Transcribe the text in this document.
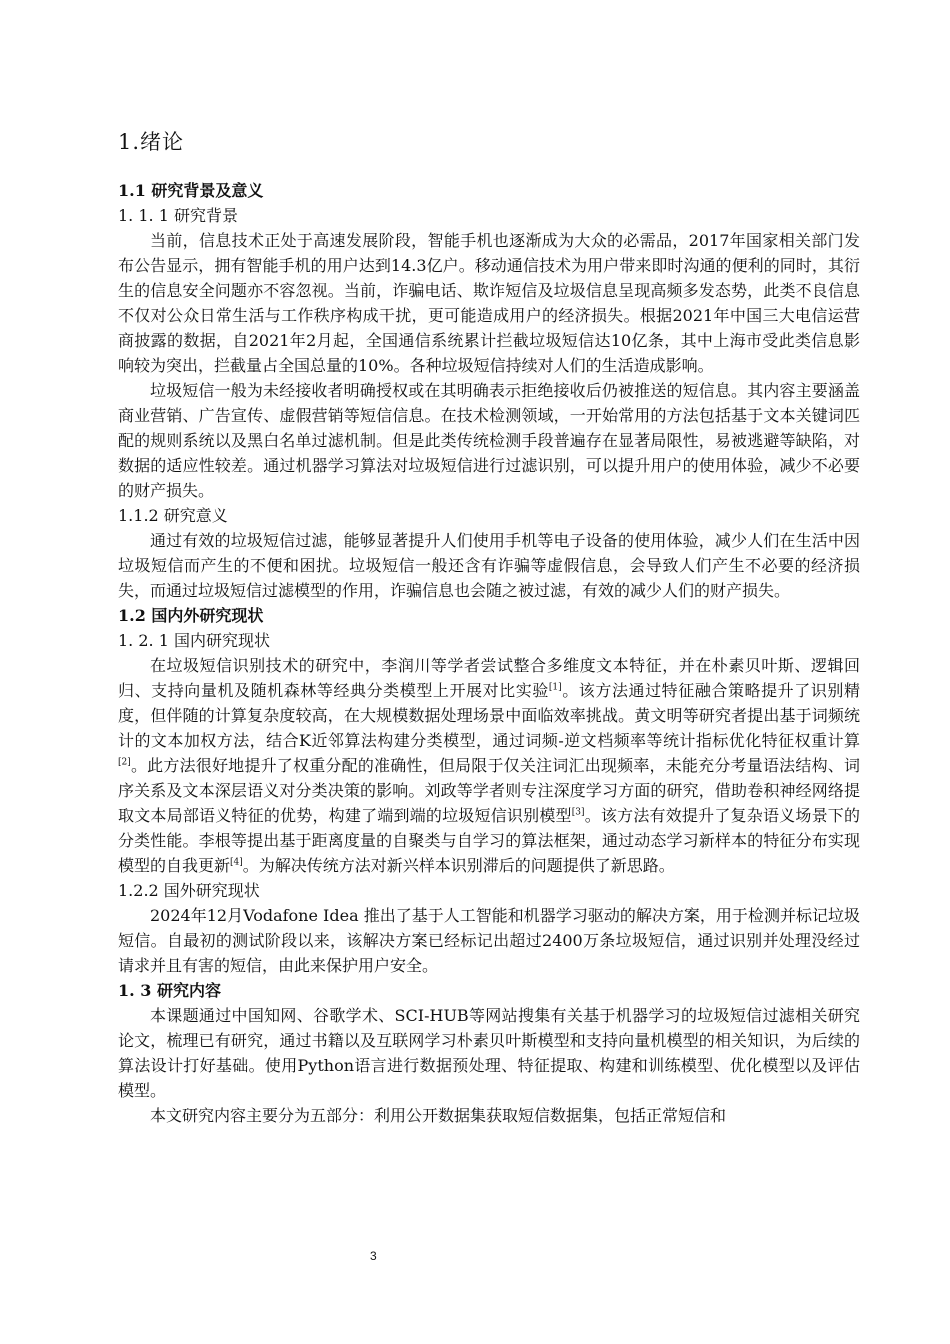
1.绪论
1.1 研究背景及意义
1. 1. 1 研究背景

当前，信息技术正处于高速发展阶段，智能手机也逐渐成为大众的必需品，2017年国家相关部门发布公告显示，拥有智能手机的用户达到14.3亿户。移动通信技术为用户带来即时沟通的便利的同时，其衍生的信息安全问题亦不容忽视。当前，诈骗电话、欺诈短信及垃圾信息呈现高频多发态势，此类不良信息不仅对公众日常生活与工作秩序构成干扰，更可能造成用户的经济损失。根据2021年中国三大电信运营商披露的数据，自2021年2月起，全国通信系统累计拦截垃圾短信达10亿条，其中上海市受此类信息影响较为突出，拦截量占全国总量的10%。各种垃圾短信持续对人们的生活造成影响。

垃圾短信一般为未经接收者明确授权或在其明确表示拒绝接收后仍被推送的短信息。其内容主要涵盖商业营销、广告宣传、虚假营销等短信信息。在技术检测领域，一开始常用的方法包括基于文本关键词匹配的规则系统以及黑白名单过滤机制。但是此类传统检测手段普遍存在显著局限性，易被逃避等缺陷，对数据的适应性较差。通过机器学习算法对垃圾短信进行过滤识别，可以提升用户的使用体验，减少不必要的财产损失。

1.1.2 研究意义

通过有效的垃圾短信过滤，能够显著提升人们使用手机等电子设备的使用体验，减少人们在生活中因垃圾短信而产生的不便和困扰。垃圾短信一般还含有诈骗等虚假信息，会导致人们产生不必要的经济损失，而通过垃圾短信过滤模型的作用，诈骗信息也会随之被过滤，有效的减少人们的财产损失。

1.2 国内外研究现状
1. 2. 1 国内研究现状

在垃圾短信识别技术的研究中，李润川等学者尝试整合多维度文本特征，并在朴素贝叶斯、逻辑回归、支持向量机及随机森林等经典分类模型上开展对比实验[1]。该方法通过特征融合策略提升了识别精度，但伴随的计算复杂度较高，在大规模数据处理场景中面临效率挑战。黄文明等研究者提出基于词频统计的文本加权方法，结合K近邻算法构建分类模型，通过词频-逆文档频率等统计指标优化特征权重计算[2]。此方法很好地提升了权重分配的准确性，但局限于仅关注词汇出现频率，未能充分考量语法结构、词序关系及文本深层语义对分类决策的影响。刘政等学者则专注深度学习方面的研究，借助卷积神经网络提取文本局部语义特征的优势，构建了端到端的垃圾短信识别模型[3]。该方法有效提升了复杂语义场景下的分类性能。李根等提出基于距离度量的自聚类与自学习的算法框架，通过动态学习新样本的特征分布实现模型的自我更新[4]。为解决传统方法对新兴样本识别滞后的问题提供了新思路。

1.2.2 国外研究现状

2024年12月Vodafone Idea 推出了基于人工智能和机器学习驱动的解决方案，用于检测并标记垃圾短信。自最初的测试阶段以来，该解决方案已经标记出超过2400万条垃圾短信，通过识别并处理没经过请求并且有害的短信，由此来保护用户安全。

1. 3 研究内容

本课题通过中国知网、谷歌学术、SCI-HUB等网站搜集有关基于机器学习的垃圾短信过滤相关研究论文，梳理已有研究，通过书籍以及互联网学习朴素贝叶斯模型和支持向量机模型的相关知识，为后续的算法设计打好基础。使用Python语言进行数据预处理、特征提取、构建和训练模型、优化模型以及评估模型。

本文研究内容主要分为五部分：利用公开数据集获取短信数据集，包括正常短信和

3
